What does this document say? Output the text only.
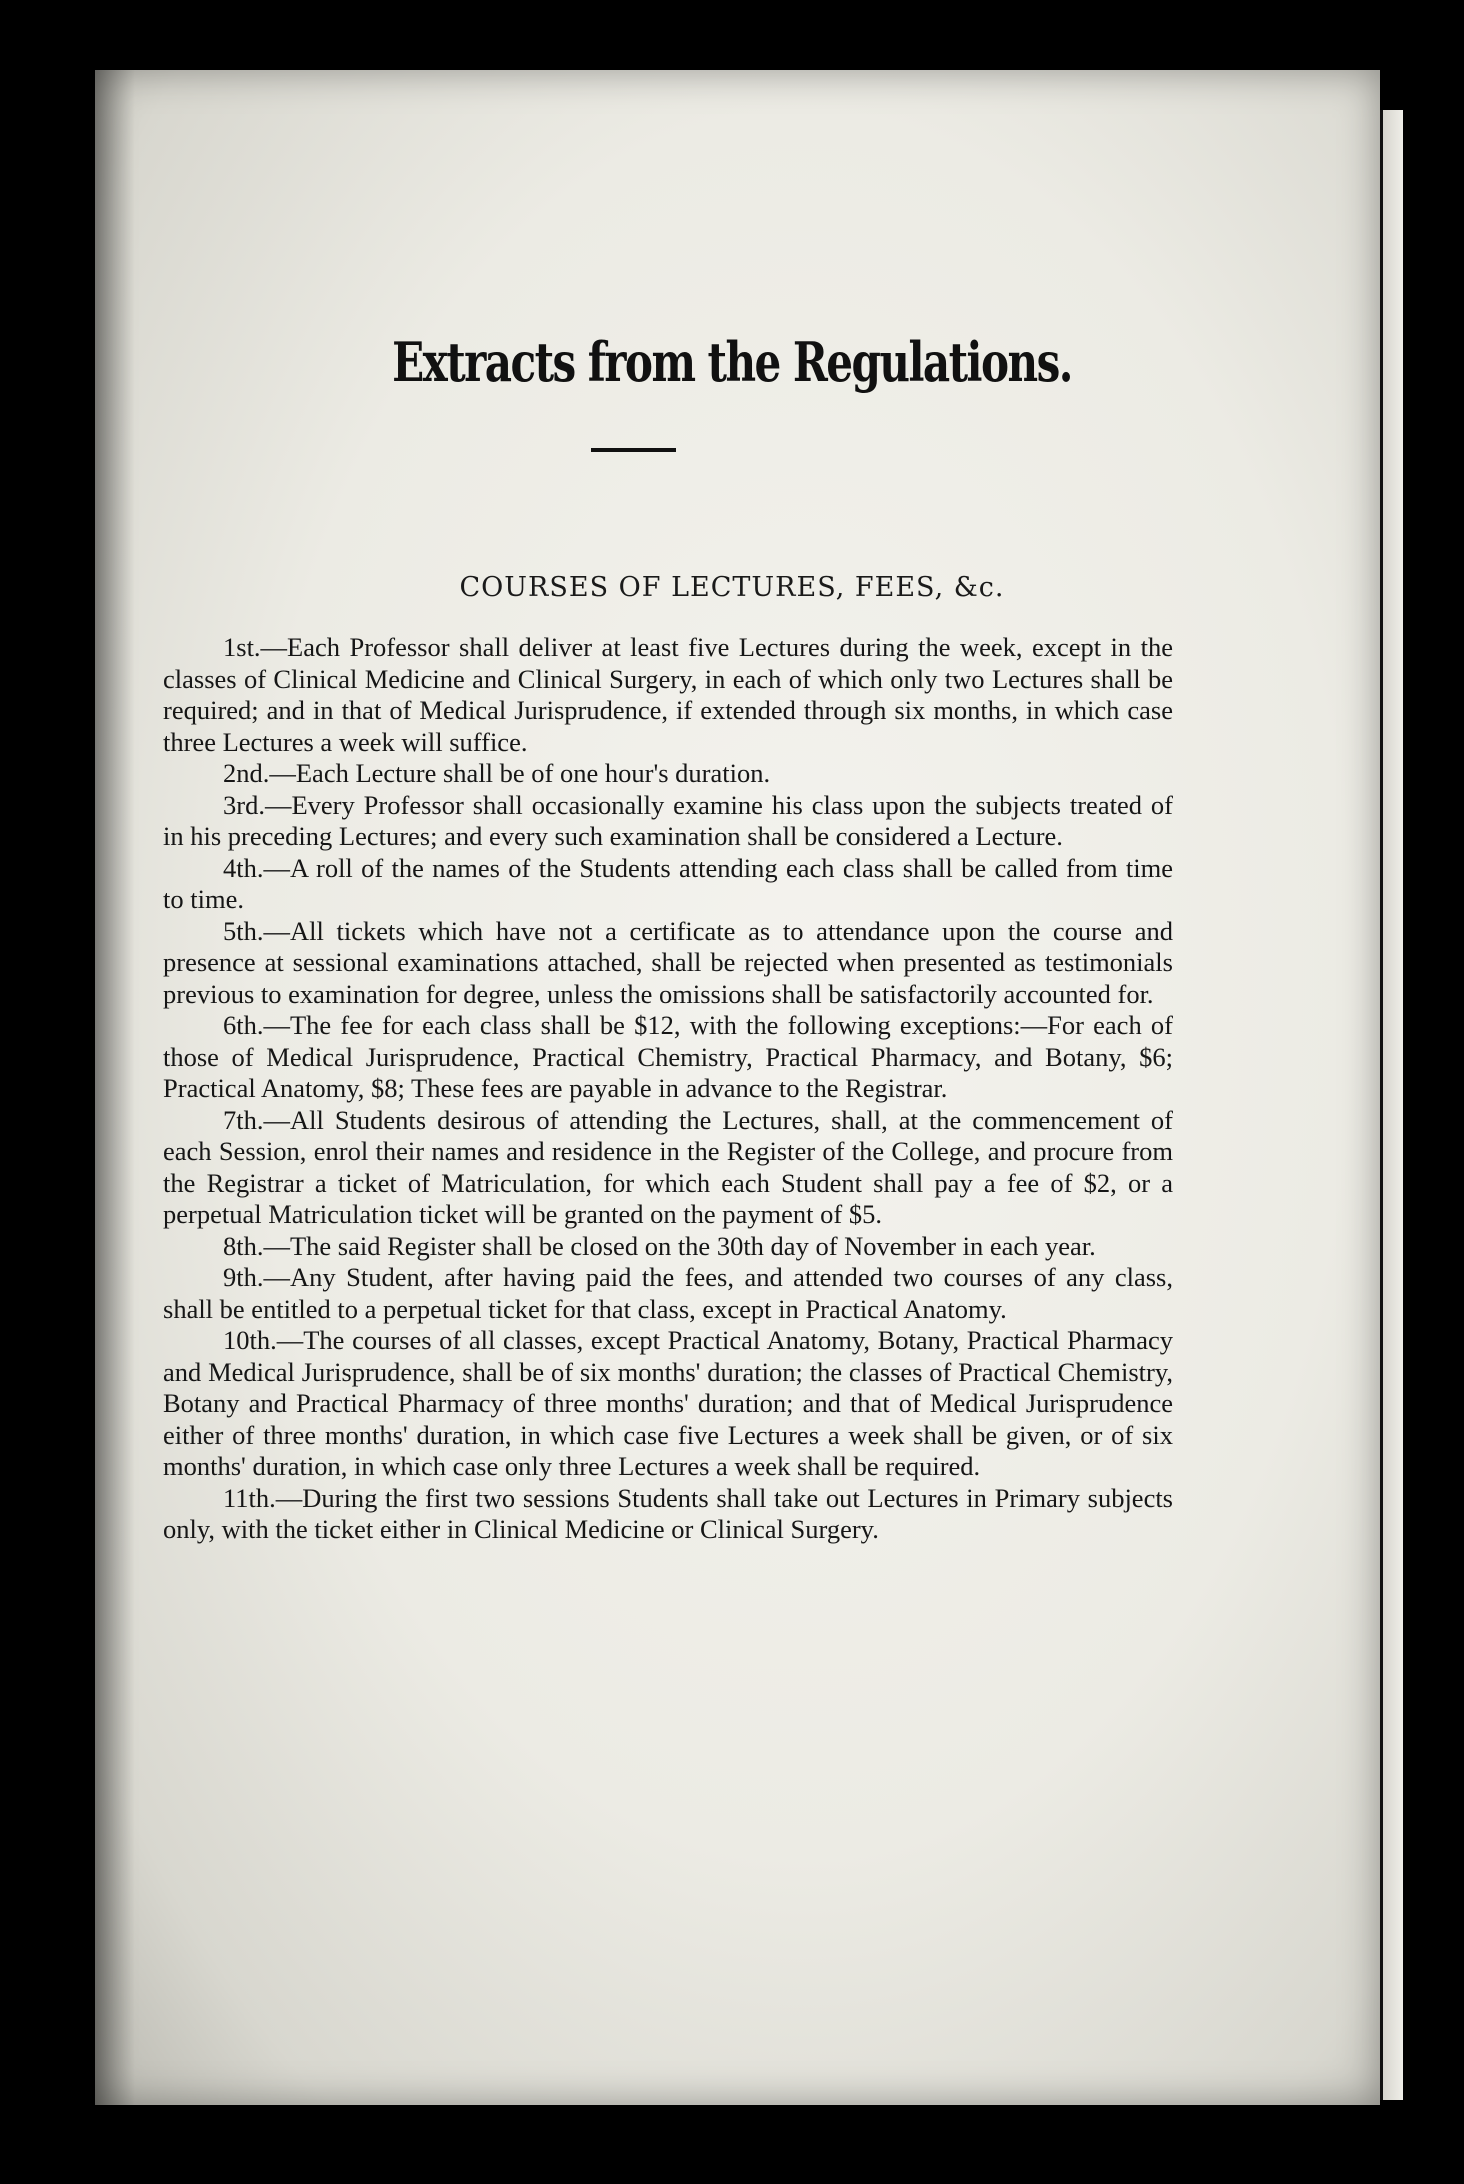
Extracts from the Regulations.
COURSES OF LECTURES, FEES, &c.

1st.—Each Professor shall deliver at least five Lectures during the week, except in the classes of Clinical Medicine and Clinical Surgery, in each of which only two Lectures shall be required; and in that of Medical Jurisprudence, if extended through six months, in which case three Lectures a week will suffice.

2nd.—Each Lecture shall be of one hour's duration.

3rd.—Every Professor shall occasionally examine his class upon the subjects treated of in his preceding Lectures; and every such examination shall be considered a Lecture.

4th.—A roll of the names of the Students attending each class shall be called from time to time.

5th.—All tickets which have not a certificate as to attendance upon the course and presence at sessional examinations attached, shall be rejected when presented as testimonials previous to examination for degree, unless the omissions shall be satisfactorily accounted for.

6th.—The fee for each class shall be $12, with the following exceptions:—For each of those of Medical Jurisprudence, Practical Chemistry, Practical Pharmacy, and Botany, $6; Practical Anatomy, $8; These fees are payable in advance to the Registrar.

7th.—All Students desirous of attending the Lectures, shall, at the commencement of each Session, enrol their names and residence in the Register of the College, and procure from the Registrar a ticket of Matriculation, for which each Student shall pay a fee of $2, or a perpetual Matriculation ticket will be granted on the payment of $5.

8th.—The said Register shall be closed on the 30th day of November in each year.

9th.—Any Student, after having paid the fees, and attended two courses of any class, shall be entitled to a perpetual ticket for that class, except in Practical Anatomy.

10th.—The courses of all classes, except Practical Anatomy, Botany, Practical Pharmacy and Medical Jurisprudence, shall be of six months' duration; the classes of Practical Chemistry, Botany and Practical Pharmacy of three months' duration; and that of Medical Jurisprudence either of three months' duration, in which case five Lectures a week shall be given, or of six months' duration, in which case only three Lectures a week shall be required.

11th.—During the first two sessions Students shall take out Lectures in Primary subjects only, with the ticket either in Clinical Medicine or Clinical Surgery.
